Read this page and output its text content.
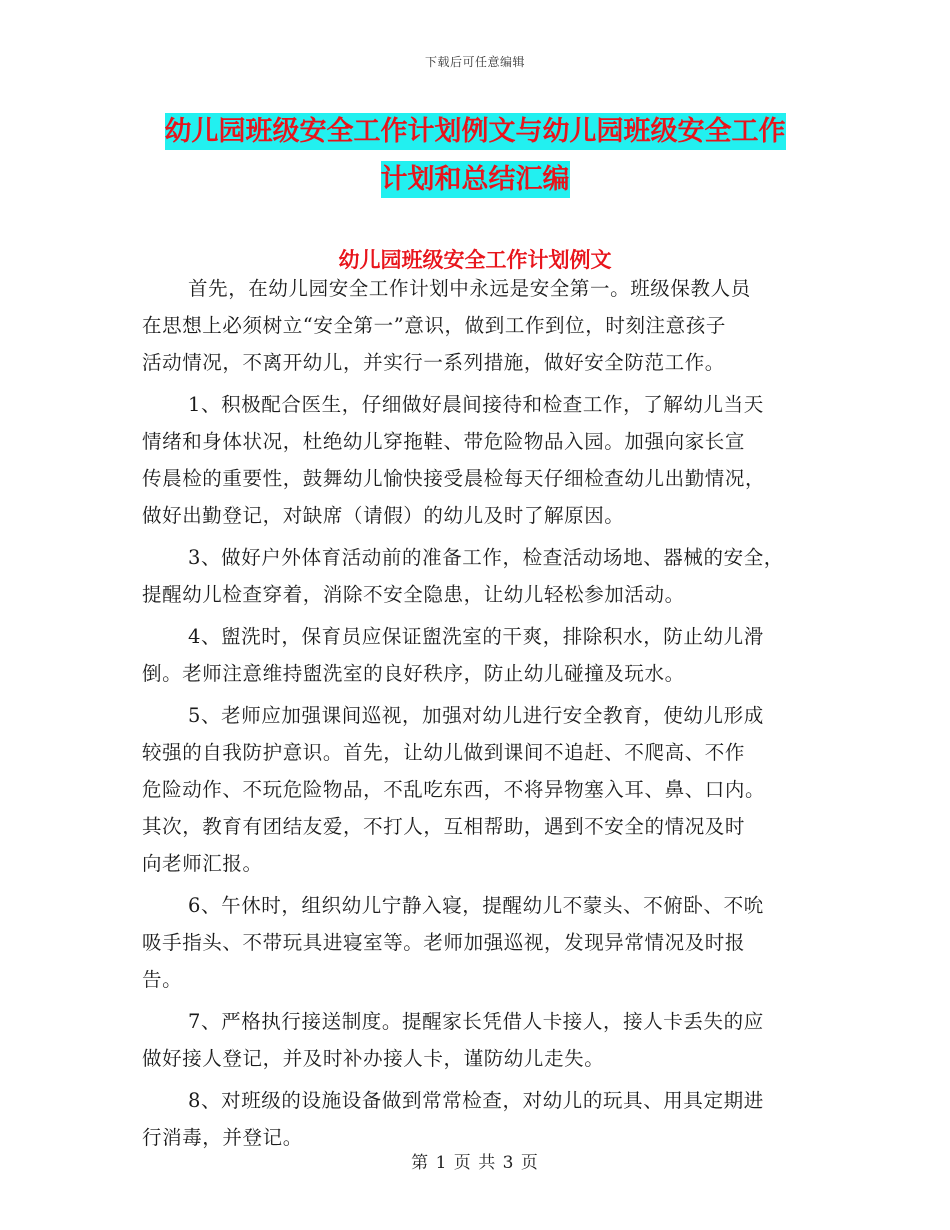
下载后可任意编辑
幼儿园班级安全工作计划例文与幼儿园班级安全工作
计划和总结汇编
幼儿园班级安全工作计划例文
首先，在幼儿园安全工作计划中永远是安全第一。班级保教人员
在思想上必须树立“安全第一”意识，做到工作到位，时刻注意孩子
活动情况，不离开幼儿，并实行一系列措施，做好安全防范工作。
1、积极配合医生，仔细做好晨间接待和检查工作，了解幼儿当天
情绪和身体状况，杜绝幼儿穿拖鞋、带危险物品入园。加强向家长宣
传晨检的重要性，鼓舞幼儿愉快接受晨检每天仔细检查幼儿出勤情况，
做好出勤登记，对缺席（请假）的幼儿及时了解原因。
3、做好户外体育活动前的准备工作，检查活动场地、器械的安全，
提醒幼儿检查穿着，消除不安全隐患，让幼儿轻松参加活动。
4、盥洗时，保育员应保证盥洗室的干爽，排除积水，防止幼儿滑
倒。老师注意维持盥洗室的良好秩序，防止幼儿碰撞及玩水。
5、老师应加强课间巡视，加强对幼儿进行安全教育，使幼儿形成
较强的自我防护意识。首先，让幼儿做到课间不追赶、不爬高、不作
危险动作、不玩危险物品，不乱吃东西，不将异物塞入耳、鼻、口内。
其次，教育有团结友爱，不打人，互相帮助，遇到不安全的情况及时
向老师汇报。
6、午休时，组织幼儿宁静入寝，提醒幼儿不蒙头、不俯卧、不吮
吸手指头、不带玩具进寝室等。老师加强巡视，发现异常情况及时报
告。
7、严格执行接送制度。提醒家长凭借人卡接人，接人卡丢失的应
做好接人登记，并及时补办接人卡，谨防幼儿走失。
8、对班级的设施设备做到常常检查，对幼儿的玩具、用具定期进
行消毒，并登记。
第 1 页 共 3 页
